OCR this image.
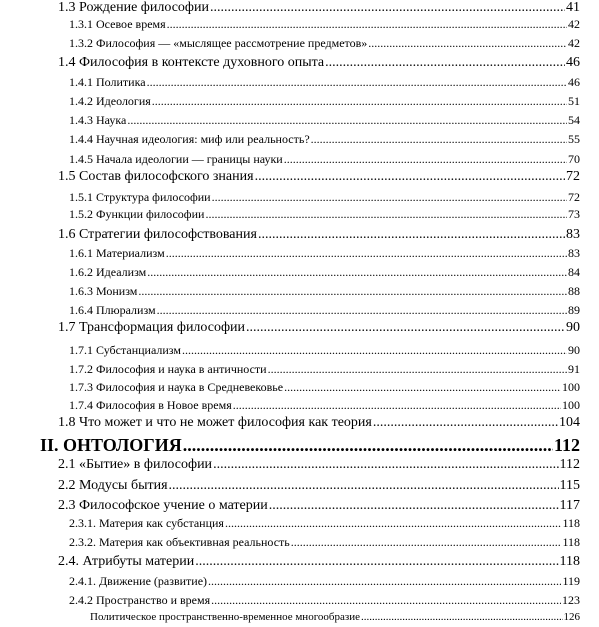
1.3 Рождение философии .....	41
1.3.1 Осевое время .....	42
1.3.2 Философия — «мыслящее рассмотрение предметов» .....	42
1.4 Философия в контексте духовного опыта .....	46
1.4.1 Политика .....	46
1.4.2 Идеология .....	51
1.4.3 Наука .....	54
1.4.4 Научная идеология: миф или реальность? .....	55
1.4.5 Начала идеологии — границы науки .....	70
1.5 Состав философского знания .....	72
1.5.1 Структура философии .....	72
1.5.2 Функции философии .....	73
1.6 Стратегии философствования .....	83
1.6.1 Материализм .....	83
1.6.2 Идеализм .....	84
1.6.3 Монизм .....	88
1.6.4 Плюрализм .....	89
1.7 Трансформация философии .....	90
1.7.1 Субстанциализм .....	90
1.7.2 Философия и наука в античности .....	91
1.7.3 Философия и наука в Средневековье .....	100
1.7.4 Философия в Новое время .....	100
1.8 Что может и что не может философия как теория .....	104
II. ОНТОЛОГИЯ .....	112
2.1 «Бытие» в философии .....	112
2.2 Модусы бытия .....	115
2.3 Философское учение о материи .....	117
2.3.1. Материя как субстанция .....	118
2.3.2. Материя как объективная реальность .....	118
2.4. Атрибуты материи .....	118
2.4.1. Движение (развитие) .....	119
2.4.2 Пространство и время .....	123
Политическое пространственно-временное многообразие .....	126
